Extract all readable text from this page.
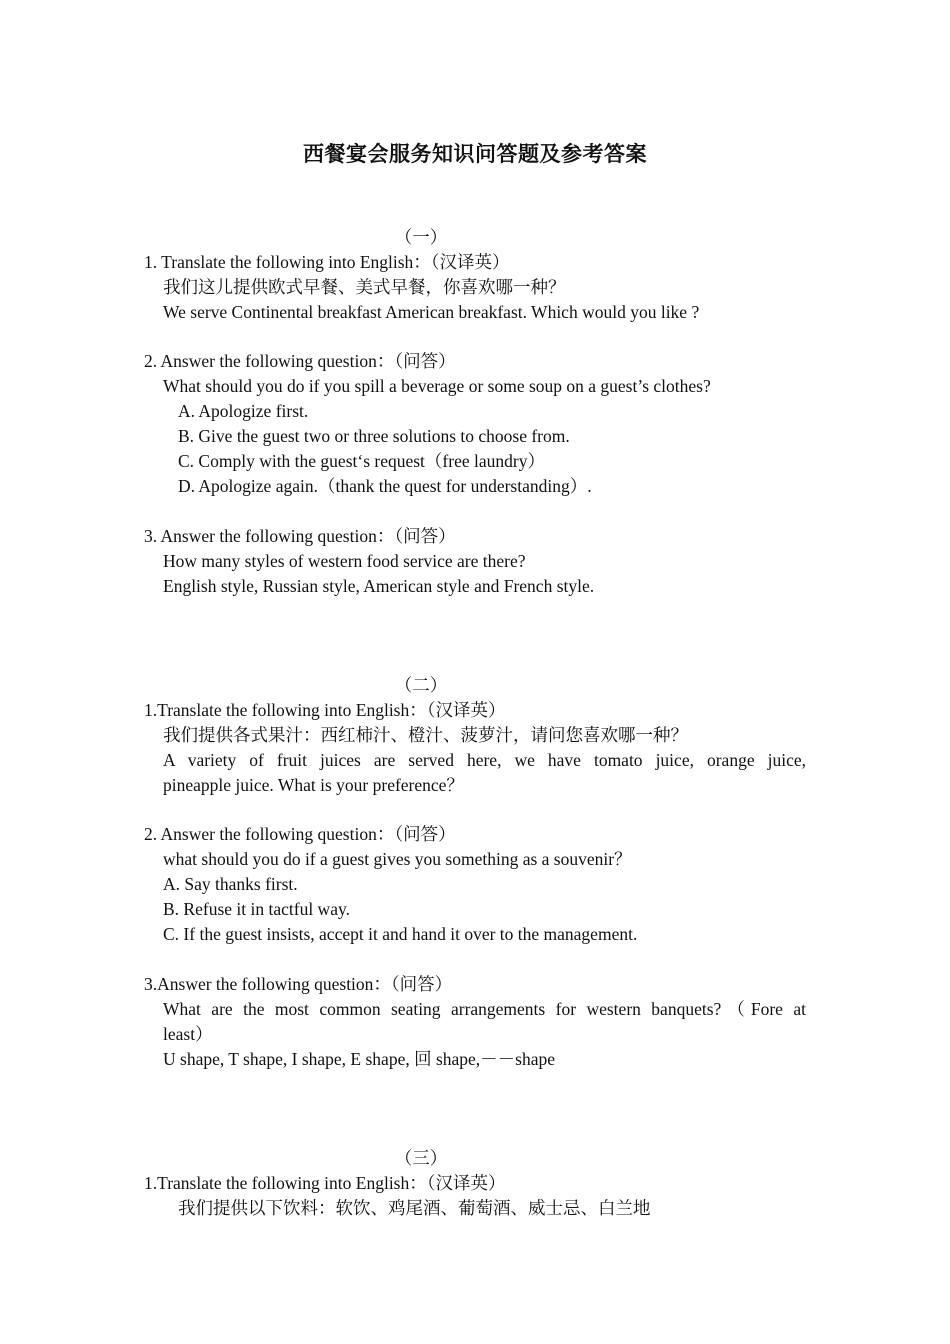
西餐宴会服务知识问答题及参考答案
（一）
1. Translate the following into English：（汉译英）
我们这儿提供欧式早餐、美式早餐，你喜欢哪一种？
We serve Continental breakfast American breakfast. Which would you like ?
2. Answer the following question：（问答）
What should you do if you spill a beverage or some soup on a guest’s clothes?
A. Apologize first.
B. Give the guest two or three solutions to choose from.
C. Comply with the guest‘s request（free laundry）
D. Apologize again.（thank the quest for understanding）.
3. Answer the following question：（问答）
How many styles of western food service are there?
English style, Russian style, American style and French style.
（二）
1.Translate the following into English：（汉译英）
我们提供各式果汁：西红柿汁、橙汁、菠萝汁，请问您喜欢哪一种？
A variety of fruit juices are served here, we have tomato juice, orange juice,
pineapple juice. What is your preference？
2. Answer the following question：（问答）
what should you do if a guest gives you something as a souvenir？
A. Say thanks first.
B. Refuse it in tactful way.
C. If the guest insists, accept it and hand it over to the management.
3.Answer the following question：（问答）
What are the most common seating arrangements for western banquets?（Fore at
least）
U shape, T shape, I shape, E shape, 回 shape,－－shape
（三）
1.Translate the following into English：（汉译英）
我们提供以下饮料：软饮、鸡尾酒、葡萄酒、威士忌、白兰地
